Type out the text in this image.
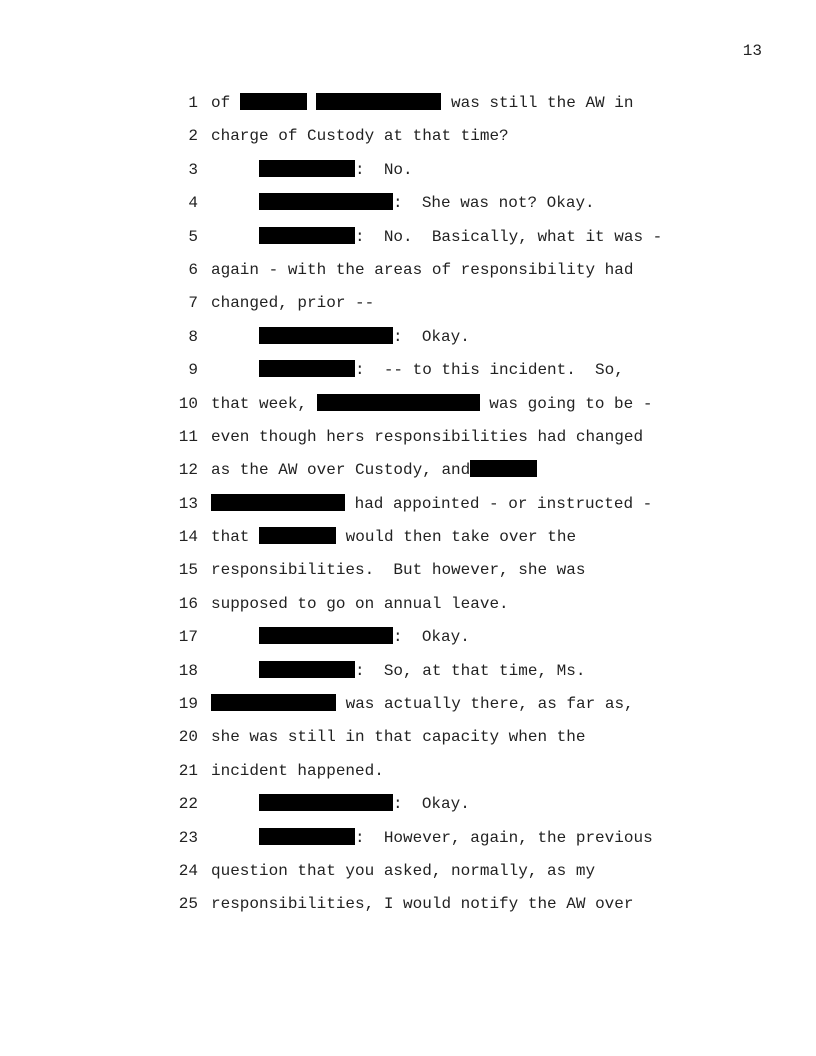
13
1 of	was still the AW in
2 charge of Custody at that time?
3	:  No.
4	:  She was not? Okay.
5	:  No.  Basically, what it was -
6 again - with the areas of responsibility had
7 changed, prior --
8	:  Okay.
9	:  -- to this incident.  So,
10 that week,	was going to be -
11 even though hers responsibilities had changed
12 as the AW over Custody, and
13	had appointed - or instructed -
14 that	would then take over the
15 responsibilities.  But however, she was
16 supposed to go on annual leave.
17	:  Okay.
18	:  So, at that time, Ms.
19	was actually there, as far as,
20 she was still in that capacity when the
21 incident happened.
22	:  Okay.
23	:  However, again, the previous
24 question that you asked, normally, as my
25 responsibilities, I would notify the AW over
